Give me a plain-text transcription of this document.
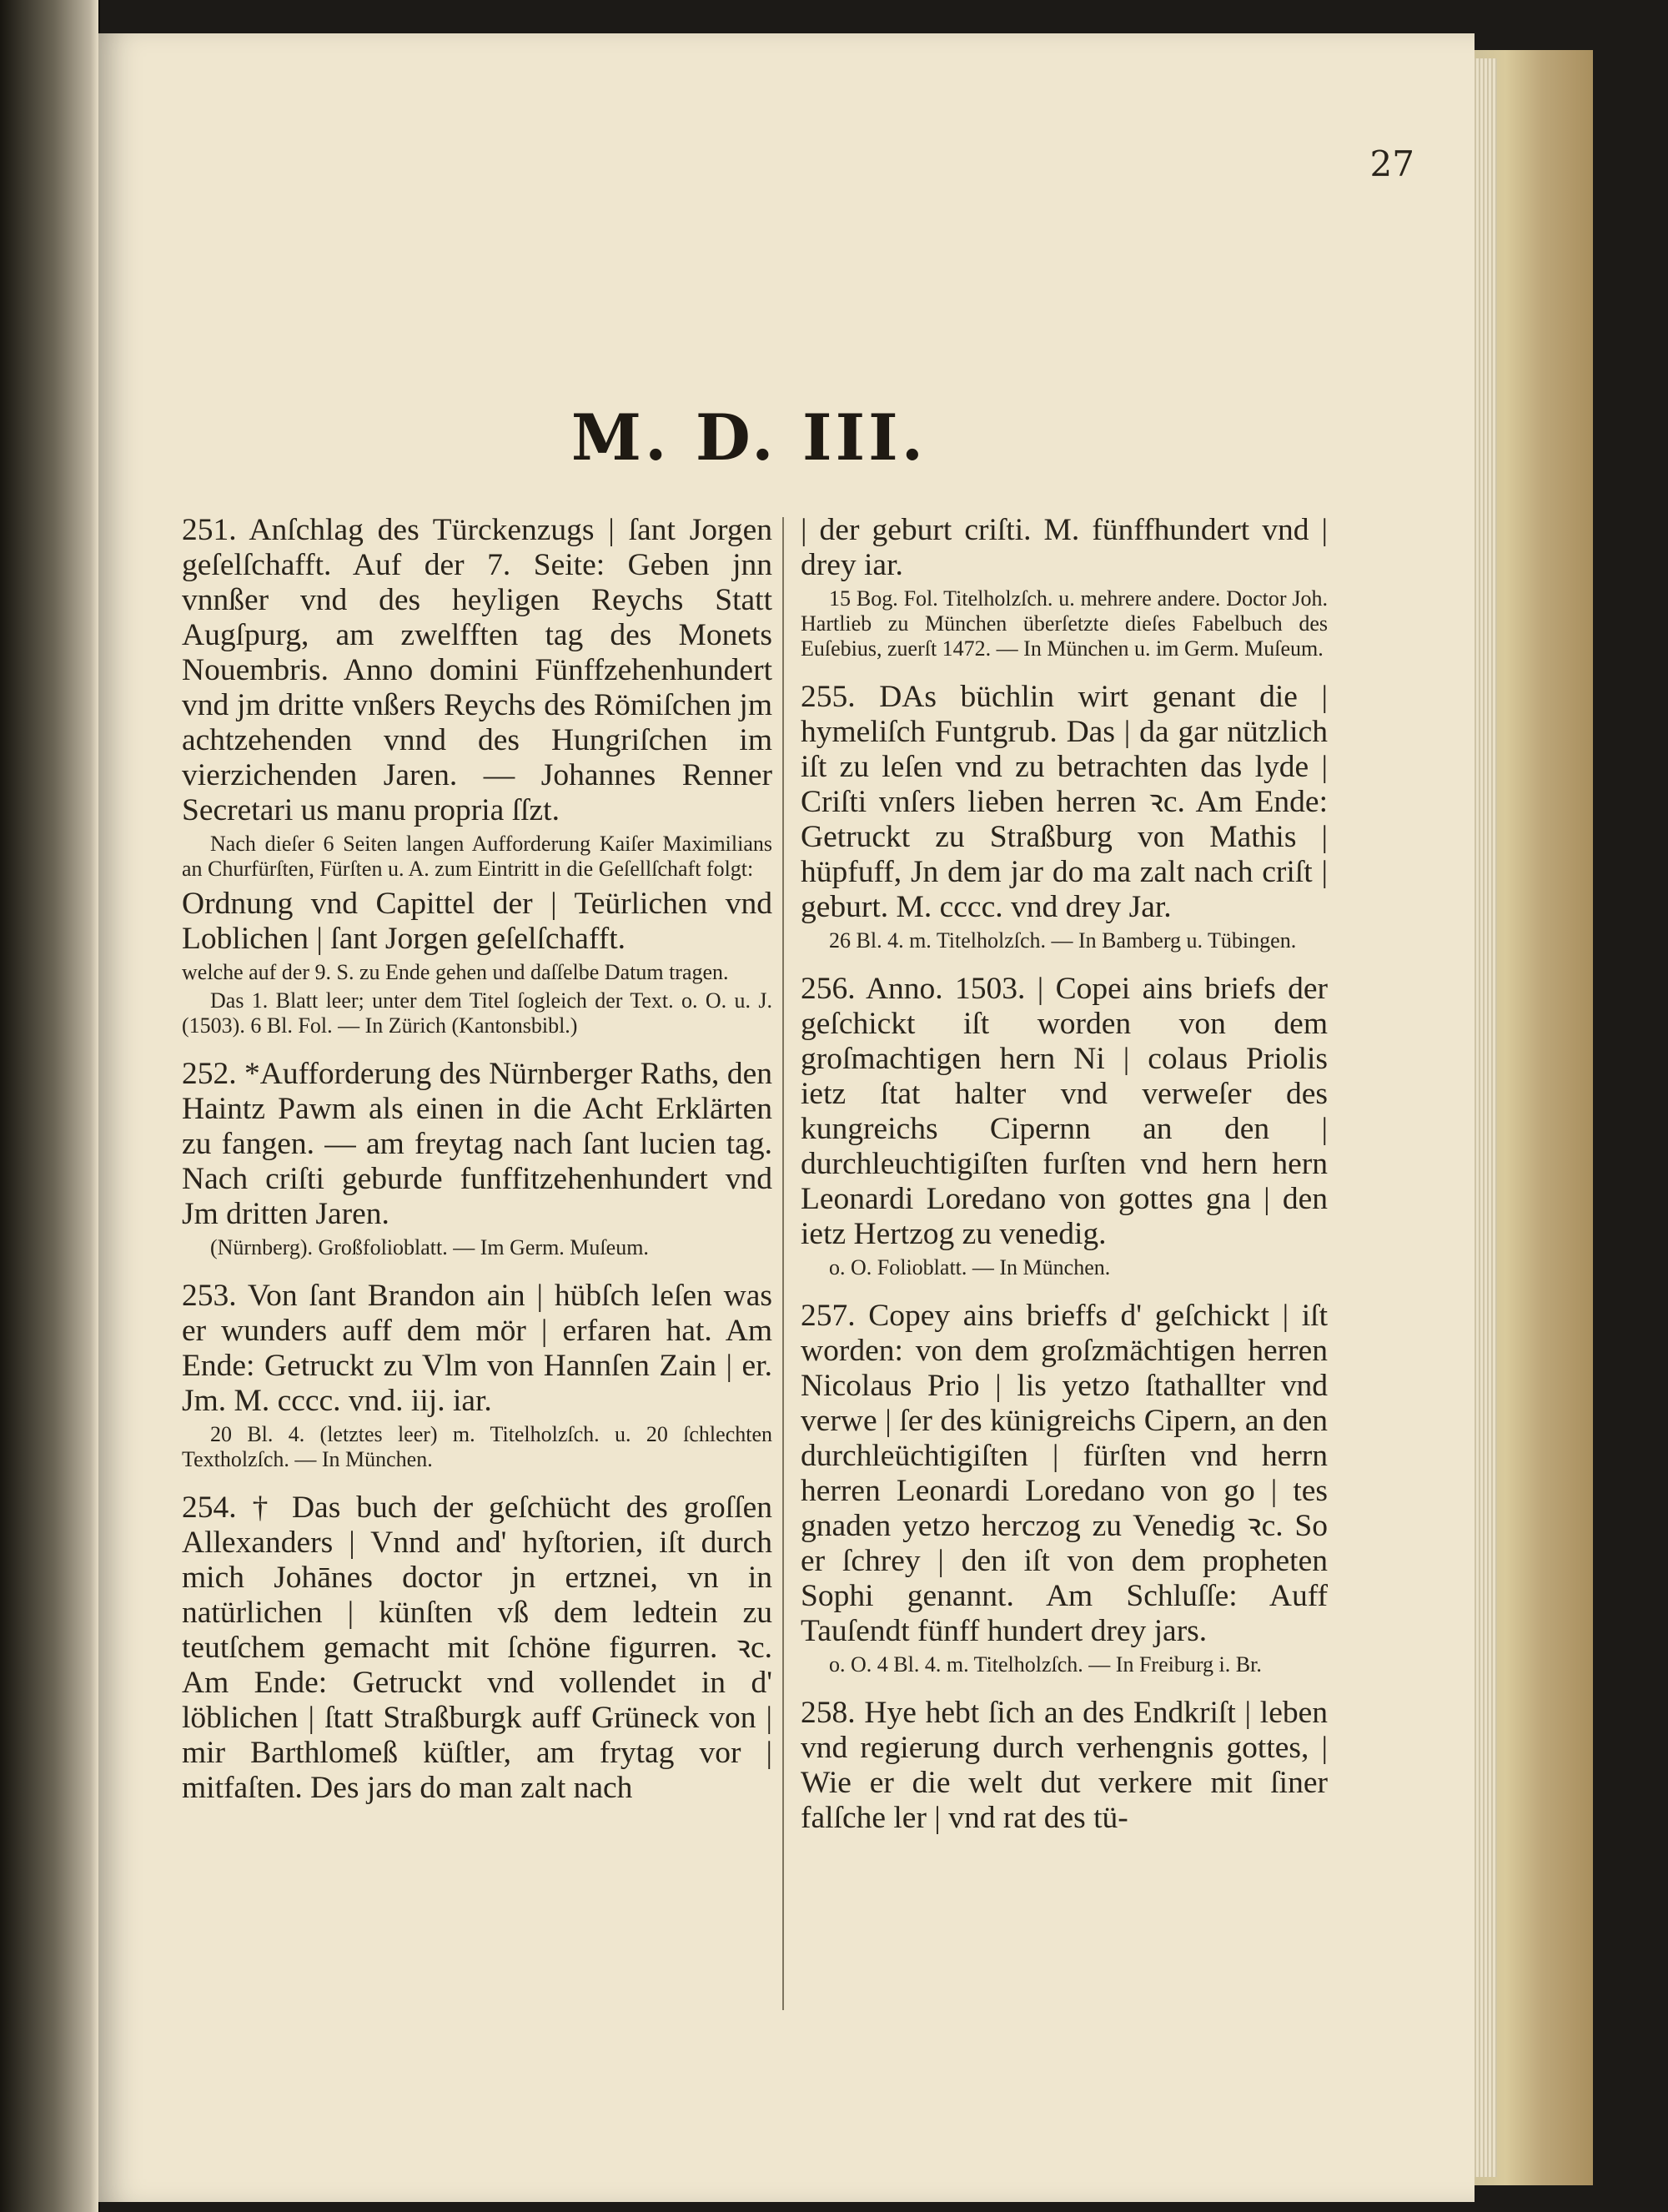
27
M. D. III.

251. Anſchlag des Türckenzugs | ſant Jorgen geſelſchafft. Auf der 7. Seite: Geben jnn vnnßer vnd des heyligen Reychs Statt Augſpurg, am zwelfften tag des Monets Nouembris. Anno domini Fünffzehenhundert vnd jm dritte vnßers Reychs des Römiſchen jm achtzehenden vnnd des Hungriſchen im vierzichenden Jaren. — Johannes Renner Secretari us manu propria ſſzt.

Nach dieſer 6 Seiten langen Aufforderung Kaiſer Maximilians an Churfürſten, Fürſten u. A. zum Eintritt in die Geſellſchaft folgt:

Ordnung vnd Capittel der | Teürlichen vnd Loblichen | ſant Jorgen geſelſchafft.

welche auf der 9. S. zu Ende gehen und daſſelbe Datum tragen.

Das 1. Blatt leer; unter dem Titel ſogleich der Text. o. O. u. J. (1503). 6 Bl. Fol. — In Zürich (Kantonsbibl.)

252. *Aufforderung des Nürnberger Raths, den Haintz Pawm als einen in die Acht Erklärten zu fangen. — am freytag nach ſant lucien tag. Nach criſti geburde funffitzehenhundert vnd Jm dritten Jaren.

(Nürnberg). Großfolioblatt. — Im Germ. Muſeum.

253. Von ſant Brandon ain | hübſch leſen was er wunders auff dem mör | erfaren hat. Am Ende: Getruckt zu Vlm von Hannſen Zain | er. Jm. M. cccc. vnd. iij. iar.

20 Bl. 4. (letztes leer) m. Titelholzſch. u. 20 ſchlechten Textholzſch. — In München.

254. † Das buch der geſchücht des groſſen Allexanders | Vnnd and' hyſtorien, iſt durch mich Johānes doctor jn ertznei, vn in natürlichen | künſten vß dem ledtein zu teutſchem gemacht mit ſchöne figurren. ꝛc. Am Ende: Getruckt vnd vollendet in d' löblichen | ſtatt Straßburgk auff Grüneck von | mir Barthlomeß küſtler, am frytag vor | mitfaſten. Des jars do man zalt nach

| der geburt criſti. M. fünffhundert vnd | drey iar.

15 Bog. Fol. Titelholzſch. u. mehrere andere. Doctor Joh. Hartlieb zu München überſetzte dieſes Fabelbuch des Euſebius, zuerſt 1472. — In München u. im Germ. Muſeum.

255. DAs büchlin wirt genant die | hymeliſch Funtgrub. Das | da gar nützlich iſt zu leſen vnd zu betrachten das lyde | Criſti vnſers lieben herren ꝛc. Am Ende: Getruckt zu Straßburg von Mathis | hüpfuff, Jn dem jar do ma zalt nach criſt | geburt. M. cccc. vnd drey Jar.

26 Bl. 4. m. Titelholzſch. — In Bamberg u. Tübingen.

256. Anno. 1503. | Copei ains briefs der geſchickt iſt worden von dem groſmachtigen hern Ni | colaus Priolis ietz ſtat halter vnd verweſer des kungreichs Cipernn an den | durchleuchtigiſten furſten vnd hern hern Leonardi Loredano von gottes gna | den ietz Hertzog zu venedig.

o. O. Folioblatt. — In München.

257. Copey ains brieffs d' geſchickt | iſt worden: von dem groſzmächtigen herren Nicolaus Prio | lis yetzo ſtathallter vnd verwe | ſer des künigreichs Cipern, an den durchleüchtigiſten | fürſten vnd herrn herren Leonardi Loredano von go | tes gnaden yetzo herczog zu Venedig ꝛc. So er ſchrey | den iſt von dem propheten Sophi genannt. Am Schluſſe: Auff Tauſendt fünff hundert drey jars.

o. O. 4 Bl. 4. m. Titelholzſch. — In Freiburg i. Br.

258. Hye hebt ſich an des Endkriſt | leben vnd regierung durch verhengnis gottes, | Wie er die welt dut verkere mit ſiner falſche ler | vnd rat des tü-
